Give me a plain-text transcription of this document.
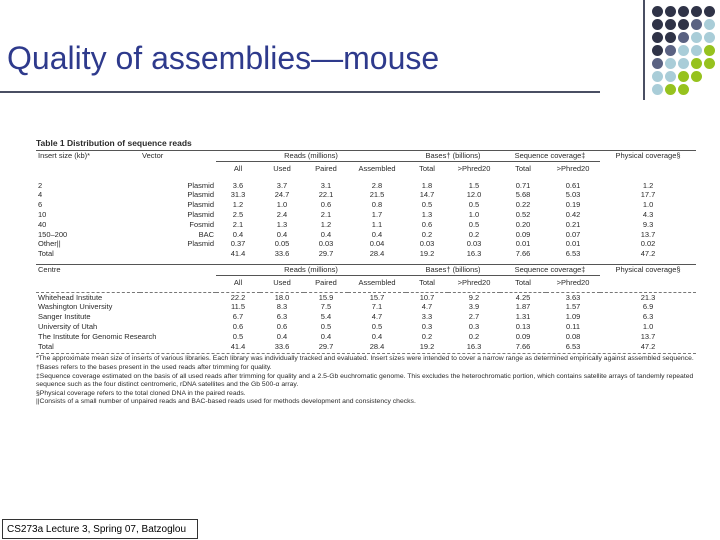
Quality of assemblies—mouse
Table 1 Distribution of sequence reads
Insert size (kb)*	Vector	Reads (millions)				Bases† (billions)		Sequence coverage‡		Physical coverage§
		All	Used	Paired	Assembled	Total	>Phred20	Total	>Phred20	

2	Plasmid	3.6	3.7	3.1	2.8	1.8	1.5	0.71	0.61	1.2
4	Plasmid	31.3	24.7	22.1	21.5	14.7	12.0	5.68	5.03	17.7
6	Plasmid	1.2	1.0	0.6	0.8	0.5	0.5	0.22	0.19	1.0
10	Plasmid	2.5	2.4	2.1	1.7	1.3	1.0	0.52	0.42	4.3
40	Fosmid	2.1	1.3	1.2	1.1	0.6	0.5	0.20	0.21	9.3
150–200	BAC	0.4	0.4	0.4	0.4	0.2	0.2	0.09	0.07	13.7
Other||	Plasmid	0.37	0.05	0.03	0.04	0.03	0.03	0.01	0.01	0.02
Total		41.4	33.6	29.7	28.4	19.2	16.3	7.66	6.53	47.2

Centre		Reads (millions)				Bases† (billions)		Sequence coverage‡		Physical coverage§
		All	Used	Paired	Assembled	Total	>Phred20	Total	>Phred20	

Whitehead Institute		22.2	18.0	15.9	15.7	10.7	9.2	4.25	3.63	21.3
Washington University		11.5	8.3	7.5	7.1	4.7	3.9	1.87	1.57	6.9
Sanger Institute		6.7	6.3	5.4	4.7	3.3	2.7	1.31	1.09	6.3
University of Utah		0.6	0.6	0.5	0.5	0.3	0.3	0.13	0.11	1.0
The Institute for Genomic Research		0.5	0.4	0.4	0.4	0.2	0.2	0.09	0.08	13.7
Total		41.4	33.6	29.7	28.4	19.2	16.3	7.66	6.53	47.2

*The approximate mean size of inserts of various libraries. Each library was individually tracked and evaluated. Insert sizes were intended to cover a narrow range as determined empirically against assembled sequence.

†Bases refers to the bases present in the used reads after trimming for quality.

‡Sequence coverage estimated on the basis of all used reads after trimming for quality and a 2.5-Gb euchromatic genome. This excludes the heterochromatic portion, which contains satellite arrays of tandemly repeated sequence such as the four distinct centromeric, rDNA satellites and the Gb 500-α array.

§Physical coverage refers to the total cloned DNA in the paired reads.

||Consists of a small number of unpaired reads and BAC-based reads used for methods development and consistency checks.

CS273a Lecture 3, Spring 07, Batzoglou
